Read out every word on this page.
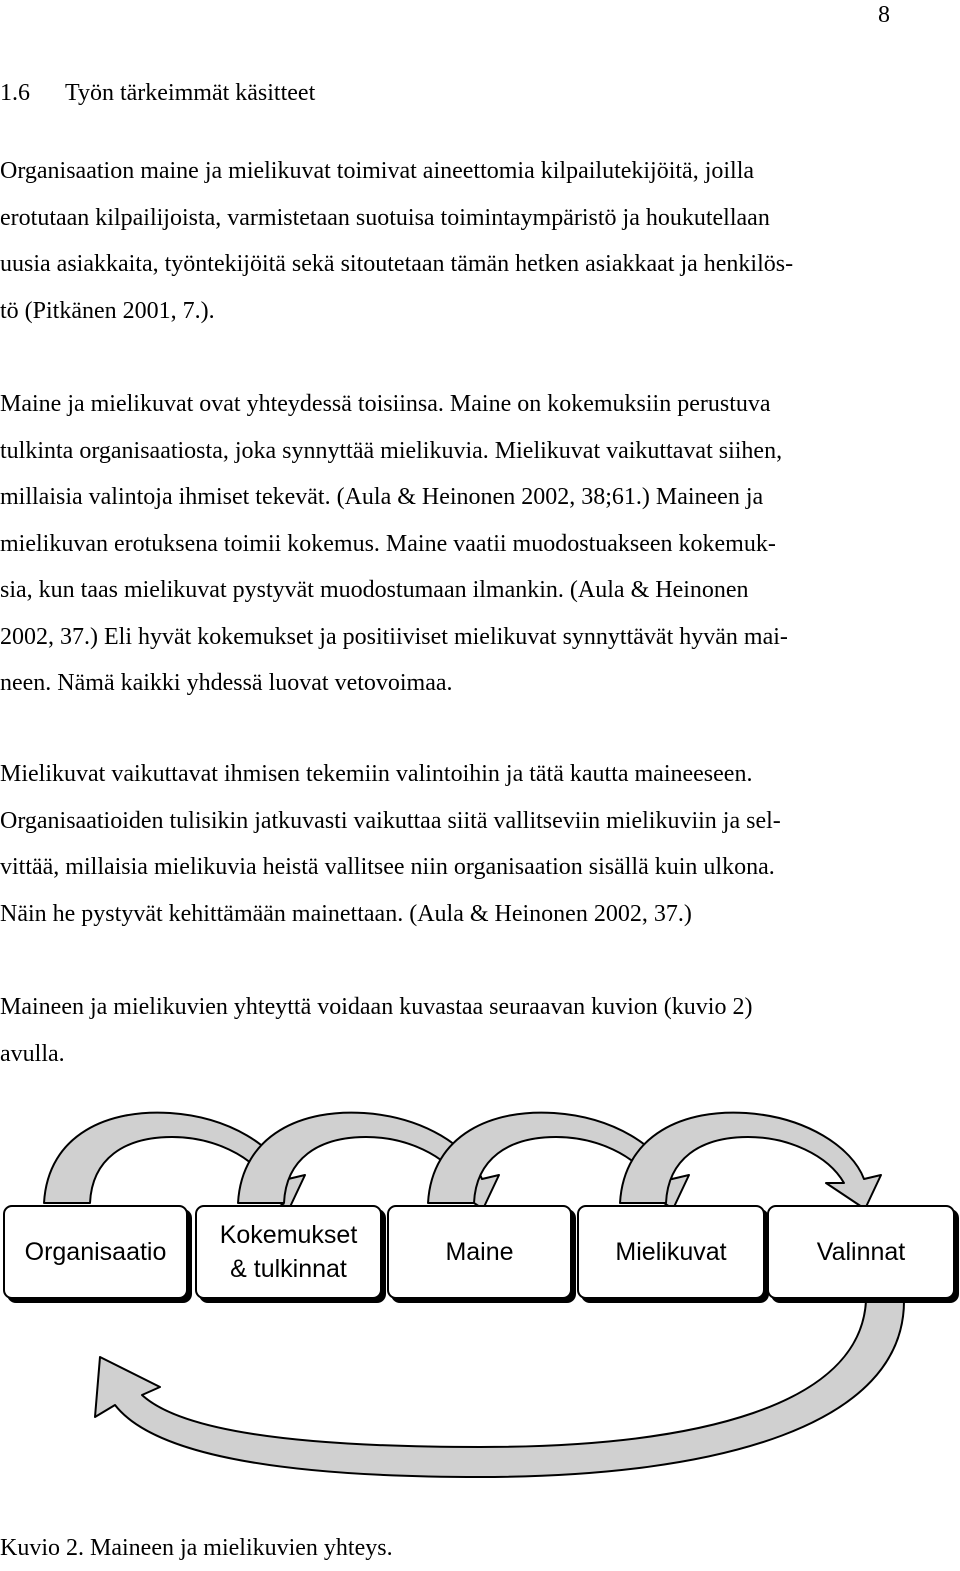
8
1.6 Työn tärkeimmät käsitteet

Organisaation maine ja mielikuvat toimivat aineettomia kilpailutekijöitä, joilla
erotutaan kilpailijoista, varmistetaan suotuisa toimintaympäristö ja houkutellaan
uusia asiakkaita, työntekijöitä sekä sitoutetaan tämän hetken asiakkaat ja henkilös-
tö (Pitkänen 2001, 7.).

Maine ja mielikuvat ovat yhteydessä toisiinsa. Maine on kokemuksiin perustuva
tulkinta organisaatiosta, joka synnyttää mielikuvia. Mielikuvat vaikuttavat siihen,
millaisia valintoja ihmiset tekevät. (Aula & Heinonen 2002, 38;61.) Maineen ja
mielikuvan erotuksena toimii kokemus. Maine vaatii muodostuakseen kokemuk-
sia, kun taas mielikuvat pystyvät muodostumaan ilmankin. (Aula & Heinonen
2002, 37.) Eli hyvät kokemukset ja positiiviset mielikuvat synnyttävät hyvän mai-
neen. Nämä kaikki yhdessä luovat vetovoimaa.

Mielikuvat vaikuttavat ihmisen tekemiin valintoihin ja tätä kautta maineeseen.
Organisaatioiden tulisikin jatkuvasti vaikuttaa siitä vallitseviin mielikuviin ja sel-
vittää, millaisia mielikuvia heistä vallitsee niin organisaation sisällä kuin ulkona.
Näin he pystyvät kehittämään mainettaan. (Aula & Heinonen 2002, 37.)

Maineen ja mielikuvien yhteyttä voidaan kuvastaa seuraavan kuvion (kuvio 2)
avulla.

Organisaatio
Kokemukset
& tulkinnat
Maine	Mielikuvat	Valinnat
Kuvio 2. Maineen ja mielikuvien yhteys.
